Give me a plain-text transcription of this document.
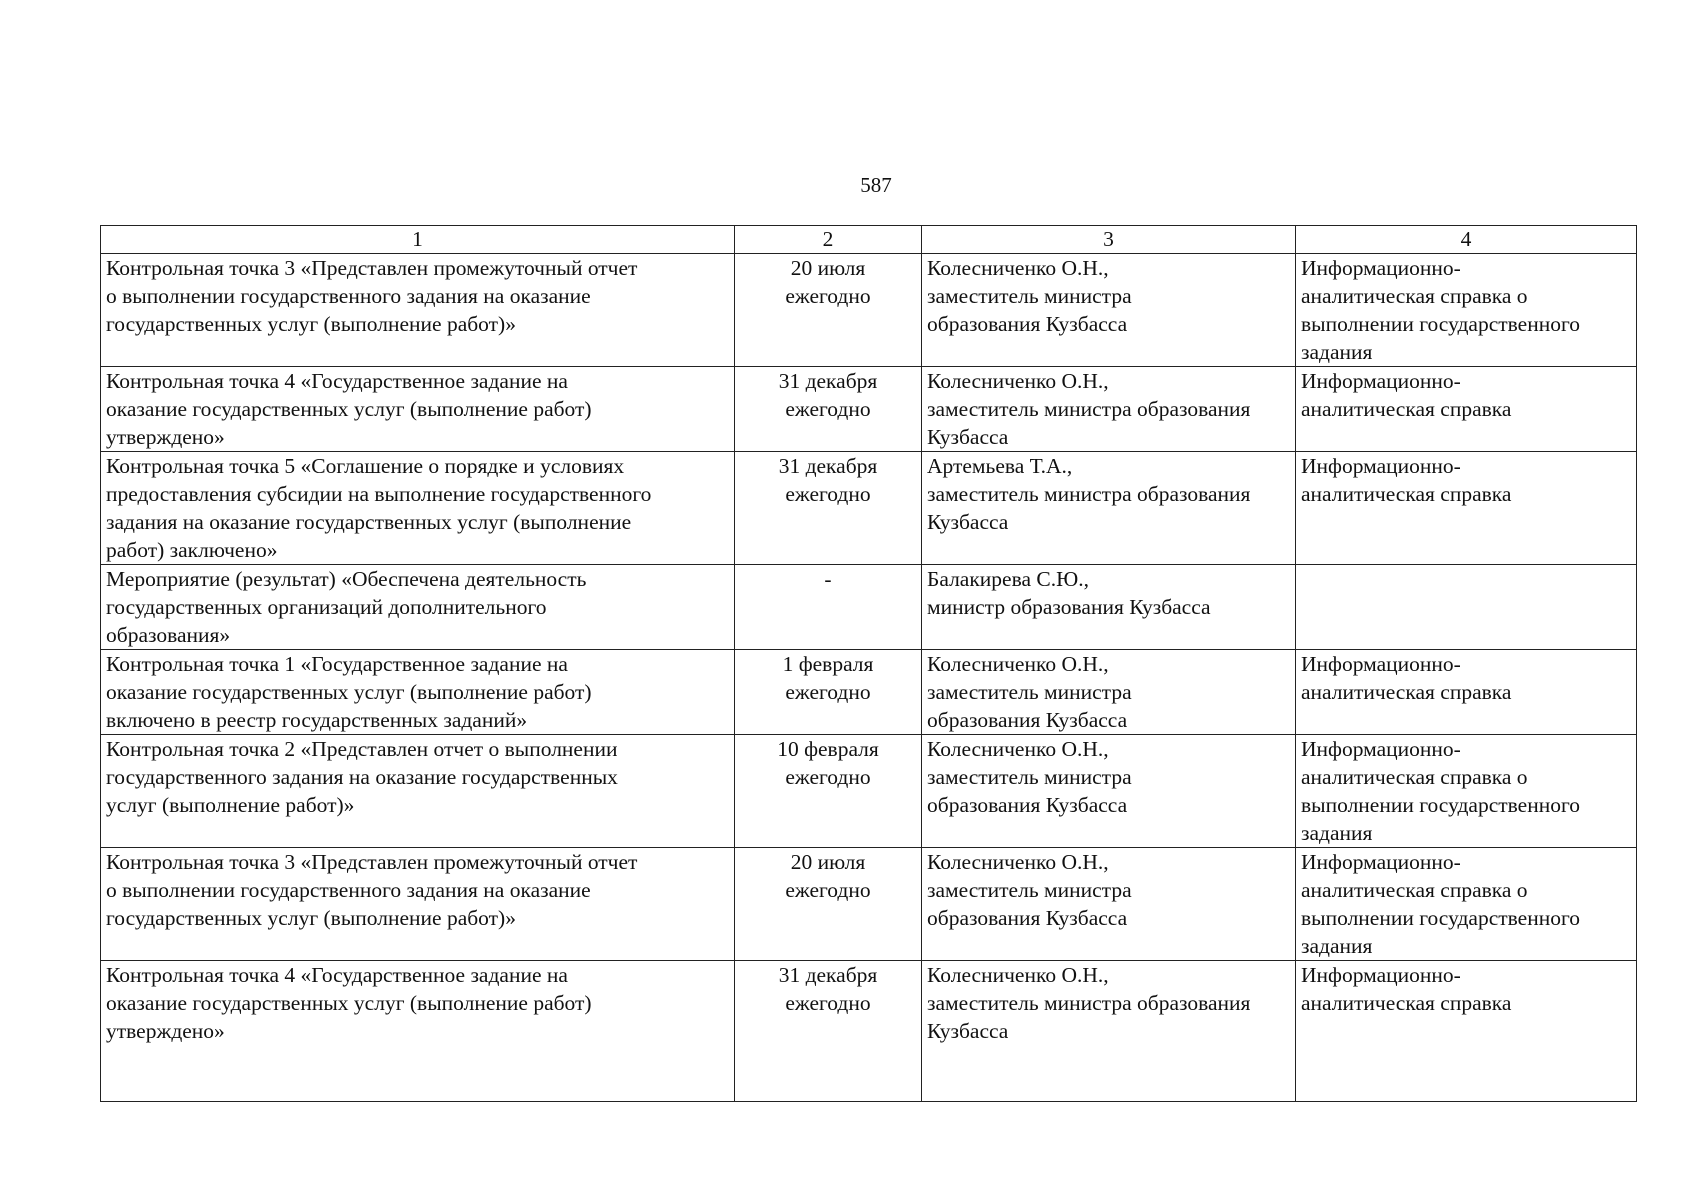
587
1	2	3	4

Контрольная точка 3 «Представлен промежуточный отчет
о выполнении государственного задания на оказание
государственных услуг (выполнение работ)»	20 июля
ежегодно	Колесниченко О.Н.,
заместитель министра
образования Кузбасса	Информационно-
аналитическая справка о
выполнении государственного
задания

Контрольная точка 4 «Государственное задание на
оказание государственных услуг (выполнение работ)
утверждено»	31 декабря
ежегодно	Колесниченко О.Н.,
заместитель министра образования
Кузбасса	Информационно-
аналитическая справка

Контрольная точка 5 «Соглашение о порядке и условиях
предоставления субсидии на выполнение государственного
задания на оказание государственных услуг (выполнение
работ) заключено»	31 декабря
ежегодно	Артемьева Т.А.,
заместитель министра образования
Кузбасса	Информационно-
аналитическая справка

Мероприятие (результат) «Обеспечена деятельность
государственных организаций дополнительного
образования»	-	Балакирева С.Ю.,
министр образования Кузбасса	

Контрольная точка 1 «Государственное задание на
оказание государственных услуг (выполнение работ)
включено в реестр государственных заданий»	1 февраля
ежегодно	Колесниченко О.Н.,
заместитель министра
образования Кузбасса	Информационно-
аналитическая справка

Контрольная точка 2 «Представлен отчет о выполнении
государственного задания на оказание государственных
услуг (выполнение работ)»	10 февраля
ежегодно	Колесниченко О.Н.,
заместитель министра
образования Кузбасса	Информационно-
аналитическая справка о
выполнении государственного
задания

Контрольная точка 3 «Представлен промежуточный отчет
о выполнении государственного задания на оказание
государственных услуг (выполнение работ)»	20 июля
ежегодно	Колесниченко О.Н.,
заместитель министра
образования Кузбасса	Информационно-
аналитическая справка о
выполнении государственного
задания

Контрольная точка 4 «Государственное задание на
оказание государственных услуг (выполнение работ)
утверждено»	31 декабря
ежегодно	Колесниченко О.Н.,
заместитель министра образования
Кузбасса	Информационно-
аналитическая справка
